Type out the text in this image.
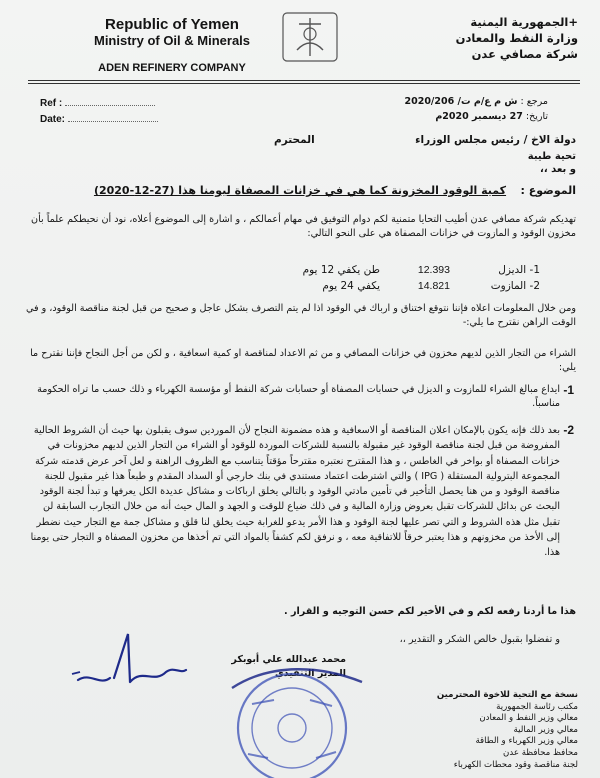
Republic of Yemen
Ministry of Oil & Minerals
ADEN REFINERY COMPANY
+الجمهورية اليمنية
وزارة النفط والمعادن
شركة مصافي عدن
Ref :
Date:
مرجع : ش م ع/م ت/ 2020/206
تاريخ: 27 ديسمبر 2020م
دولة الاخ / رئيس مجلس الوزراء
المحترم
تحية طيبة
و بعد ،،
الموضوع :
كمية الوقود المخزونة كما هي في خزانات المصفاة ليومنا هذا (27-12-2020)
تهديكم شركة مصافي عدن أطيب التحايا متمنية لكم دوام التوفيق في مهام أعمالكم ، و اشارة إلى الموضوع أعلاه، نود أن نحيطكم علماً بأن مخزون الوقود و المازوت في خزانات المصفاة هي على النحو التالي:
1- الديزل
12.393
طن يكفي 12 يوم
2- المازوت
14.821
يكفي 24 يوم
ومن خلال المعلومات اعلاه فإننا نتوقع اختناق و ارباك في الوقود اذا لم يتم التصرف بشكل عاجل و صحيح من قبل لجنة مناقصة الوقود، و في الوقت الراهن نقترح ما يلي:-
الشراء من التجار الذين لديهم مخزون في خزانات المصافي و من ثم الاعداد لمناقصة او كمية اسعافية ، و لكن من أجل النجاح فإننا نقترح ما يلي:
1-
ايداع مبالغ الشراء للمازوت و الديزل في حسابات المصفاة أو حسابات شركة النفط أو مؤسسة الكهرباء و ذلك حسب ما تراه الحكومة مناسباً.
2-
بعد ذلك فإنه يكون بالإمكان اعلان المناقصة أو الاسعافية و هذه مضمونة النجاح لأن الموردين سوف يقبلون بها حيث أن الشروط الحالية المفروضة من قبل لجنة مناقصة الوقود غير مقبولة بالنسبة للشركات الموردة للوقود أو الشراء من التجار الذين لديهم مخزونات في خزانات المصفاة أو بواخر في الغاطس ، و هذا المقترح نعتبره مقترحاً مؤقتاً يتناسب مع الظروف الراهنة و لعل آخر عرض قدمته شركة المجموعة البترولية المستقلة ( IPG ) والتي اشترطت اعتماد مستندي في بنك خارجي أو السداد المقدم و طبعاً هذا غير مقبول للجنة مناقصة الوقود و من هنا يحصل التأخير في تأمين مادتي الوقود و بالتالي يخلق ارباكات و مشاكل عديدة الكل يعرفها و تبدأ لجنة الوقود البحث عن بدائل للشركات تقبل بعروض وزارة المالية و في ذلك ضياع للوقت و الجهد و المال حيث أنه من خلال التجارب السابقة لن تقبل مثل هذه الشروط و التي تصر عليها لجنة الوقود و هذا الأمر يدعو للغرابة حيث يخلق لنا قلق و مشاكل جمة مع التجار حيث نضطر إلى الأخذ من مخزونهم و هذا يعتبر خرقاً للاتفاقية معه ، و نرفق لكم كشفاً بالمواد التي تم أخذها من مخزون المصفاة و التجار حتى يومنا هذا.
هذا ما أردنا رفعه لكم و في الأخير لكم حسن التوجيه و القرار .
و تفضلوا بقبول خالص الشكر و التقدير ،،
محمد عبدالله علي أبوبكر
المدير التنفيذي
نسخة مع التحية للاخوة المحترمين
مكتب رئاسة الجمهورية
معالي وزير النفط و المعادن
معالي وزير المالية
معالي وزير الكهرباء و الطاقة
محافظ محافظة عدن
لجنة مناقصة وقود محطات الكهرباء
